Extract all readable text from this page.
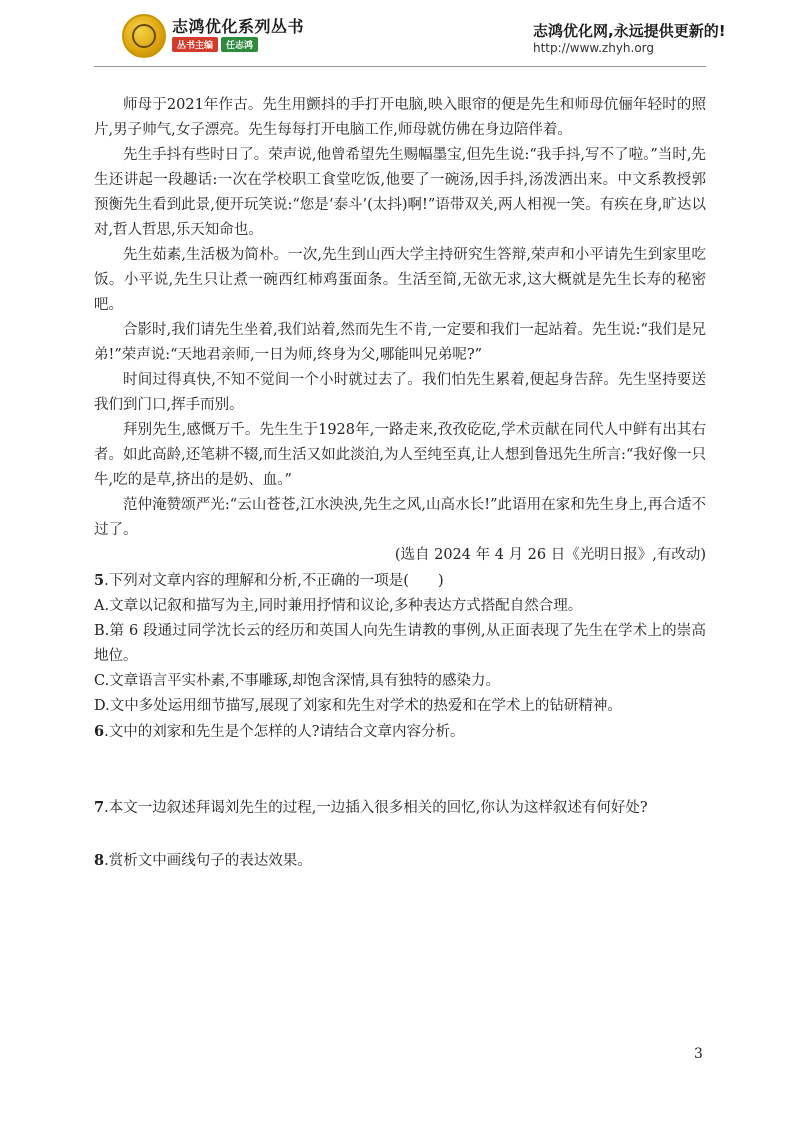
志鸿优化系列丛书
丛书主编	任志鸿
志鸿优化网,永远提供更新的!
http://www.zhyh.org

师母于2021年作古。先生用颤抖的手打开电脑,映入眼帘的便是先生和师母伉俪年轻时的照片,男子帅气,女子漂亮。先生每每打开电脑工作,师母就仿佛在身边陪伴着。

先生手抖有些时日了。荣声说,他曾希望先生赐幅墨宝,但先生说:“我手抖,写不了啦。”当时,先生还讲起一段趣话:一次在学校职工食堂吃饭,他要了一碗汤,因手抖,汤泼洒出来。中文系教授郭预衡先生看到此景,便开玩笑说:“您是‘泰斗’(太抖)啊!”语带双关,两人相视一笑。有疾在身,旷达以对,哲人哲思,乐天知命也。

先生茹素,生活极为简朴。一次,先生到山西大学主持研究生答辩,荣声和小平请先生到家里吃饭。小平说,先生只让煮一碗西红柿鸡蛋面条。生活至简,无欲无求,这大概就是先生长寿的秘密吧。

合影时,我们请先生坐着,我们站着,然而先生不肯,一定要和我们一起站着。先生说:“我们是兄弟!”荣声说:“天地君亲师,一日为师,终身为父,哪能叫兄弟呢?”

时间过得真快,不知不觉间一个小时就过去了。我们怕先生累着,便起身告辞。先生坚持要送我们到门口,挥手而别。

拜别先生,感慨万千。先生生于1928年,一路走来,孜孜矻矻,学术贡献在同代人中鲜有出其右者。如此高龄,还笔耕不辍,而生活又如此淡泊,为人至纯至真,让人想到鲁迅先生所言:“我好像一只牛,吃的是草,挤出的是奶、血。”

范仲淹赞颂严光:“云山苍苍,江水泱泱,先生之风,山高水长!”此语用在家和先生身上,再合适不过了。

(选自 2024 年 4 月 26 日《光明日报》,有改动)

5.下列对文章内容的理解和分析,不正确的一项是(　　)

A.文章以记叙和描写为主,同时兼用抒情和议论,多种表达方式搭配自然合理。

B.第 6 段通过同学沈长云的经历和英国人向先生请教的事例,从正面表现了先生在学术上的崇高地位。

C.文章语言平实朴素,不事雕琢,却饱含深情,具有独特的感染力。

D.文中多处运用细节描写,展现了刘家和先生对学术的热爱和在学术上的钻研精神。

6.文中的刘家和先生是个怎样的人?请结合文章内容分析。

7.本文一边叙述拜谒刘先生的过程,一边插入很多相关的回忆,你认为这样叙述有何好处?

8.赏析文中画线句子的表达效果。

3
